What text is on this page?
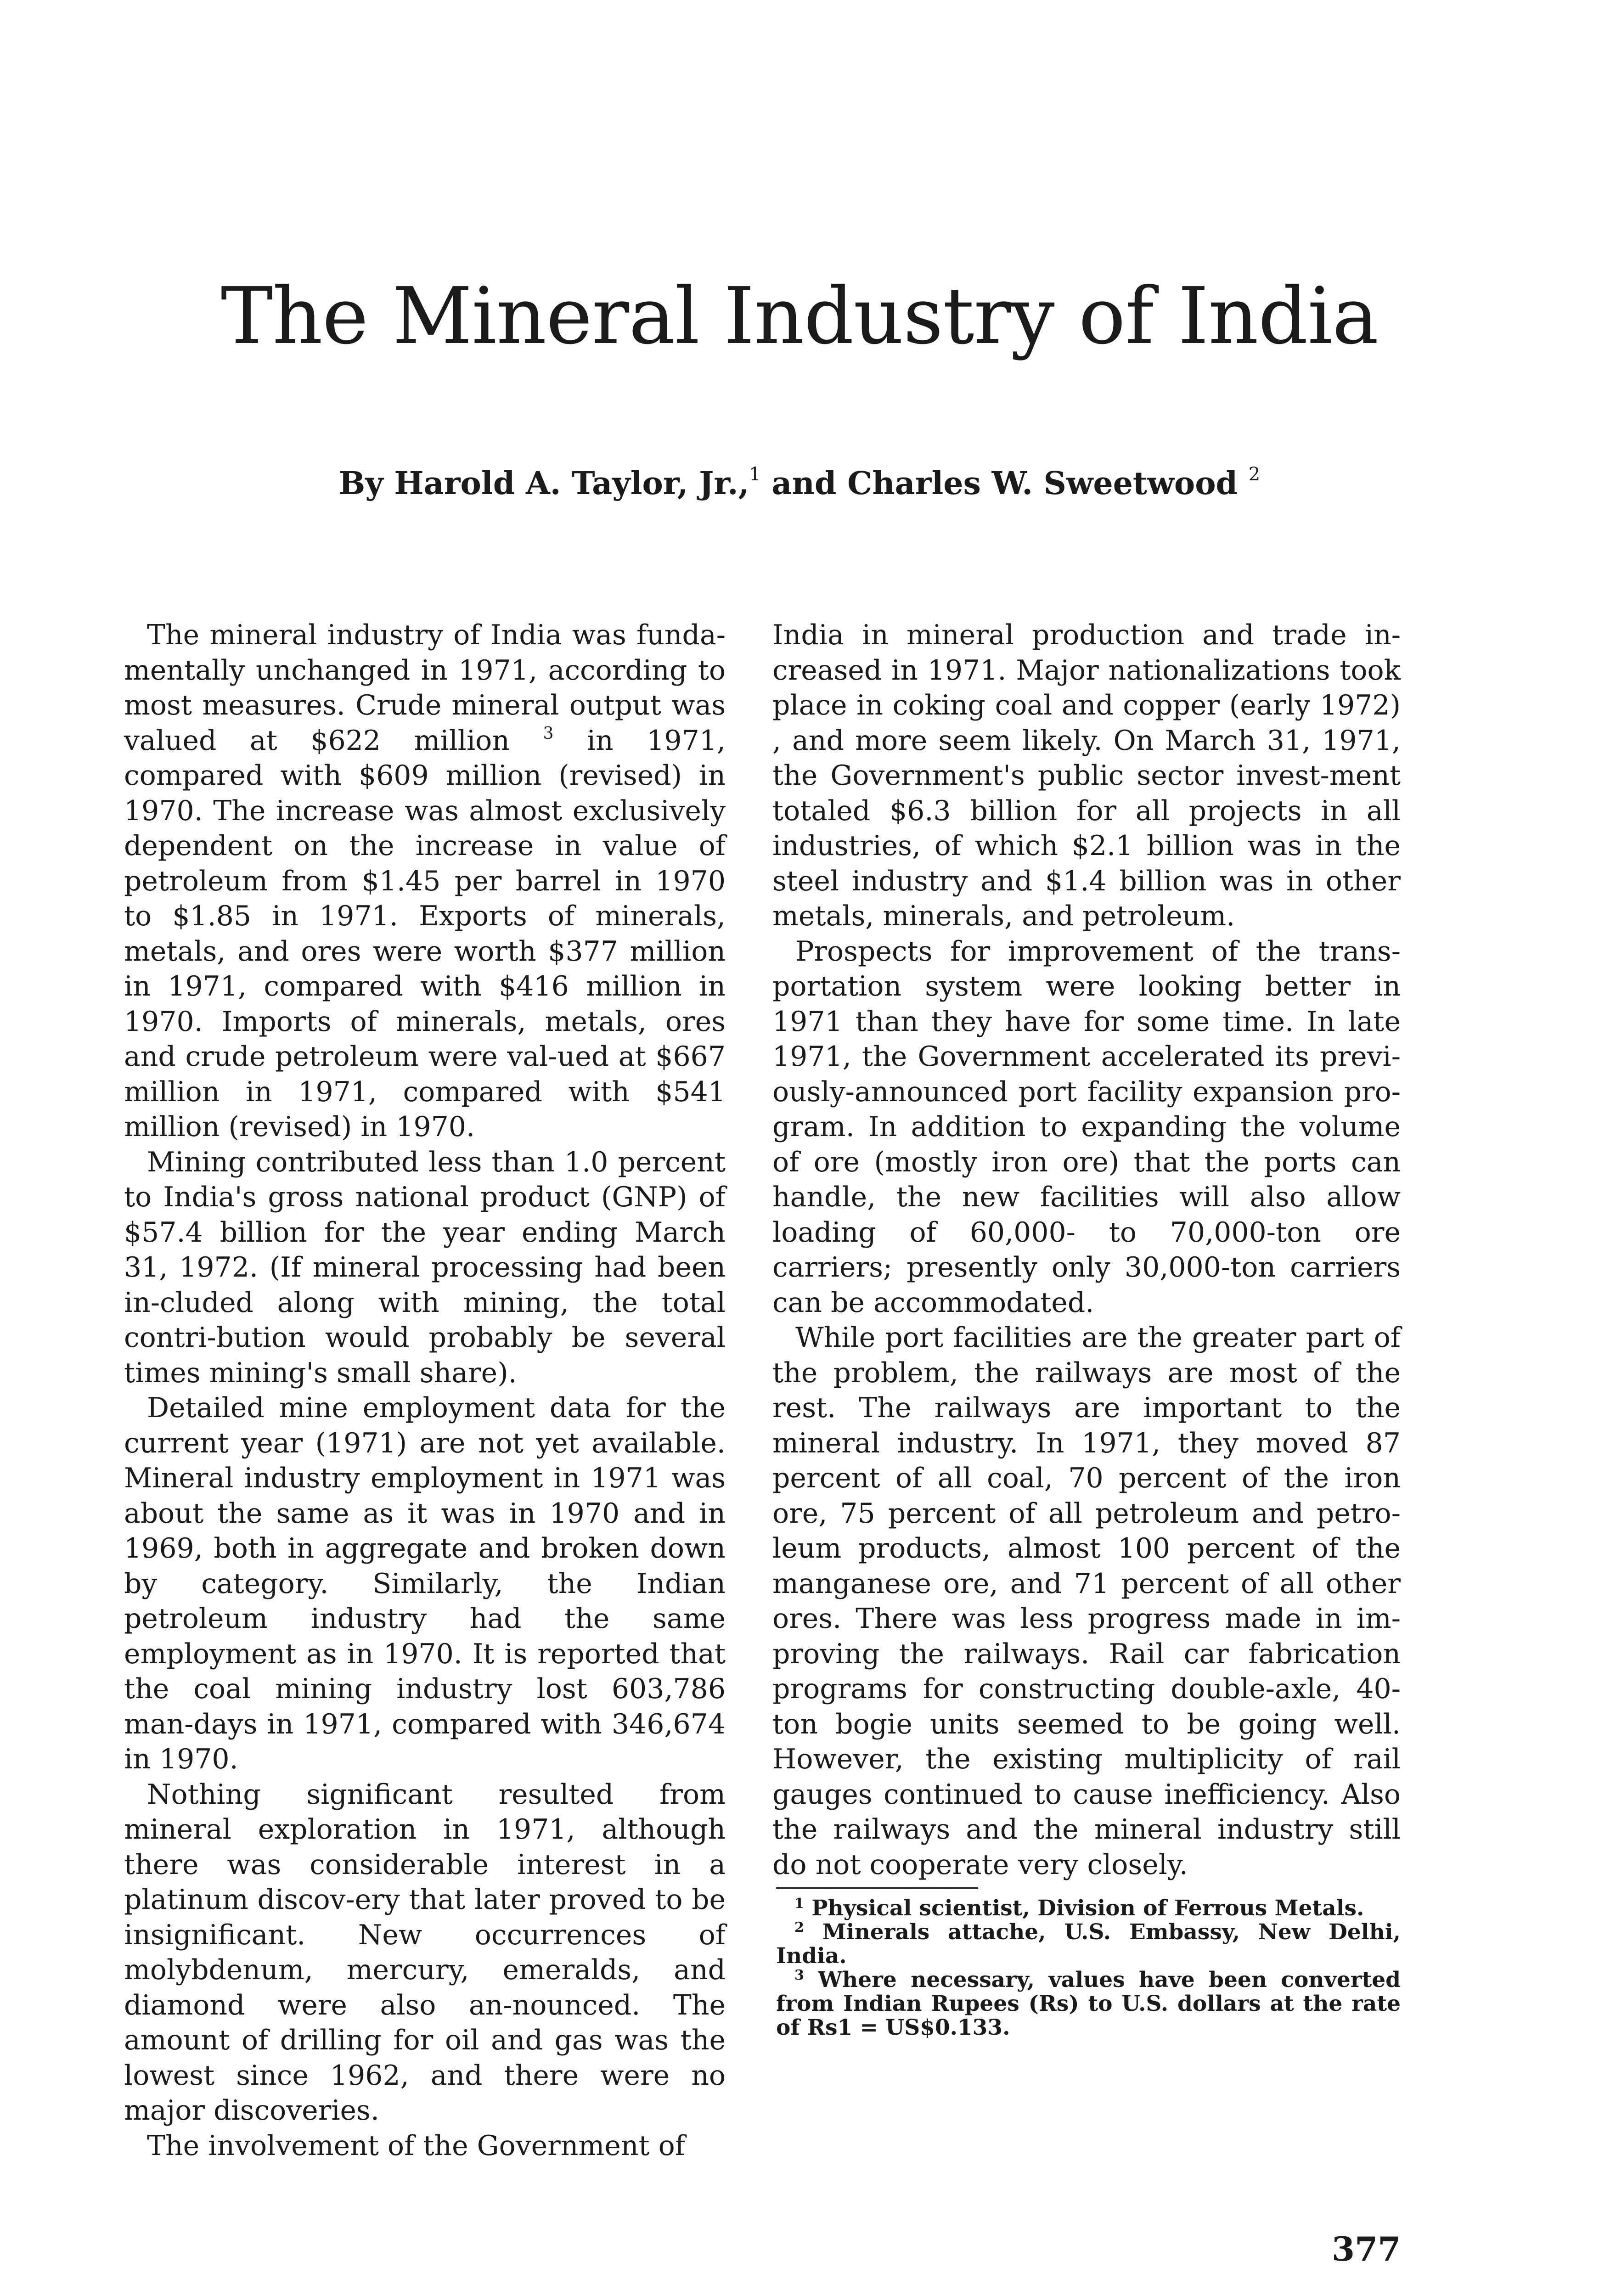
The Mineral Industry of India

By Harold A. Taylor, Jr.,$^1$ and Charles W. Sweetwood $^2$

The mineral industry of India was funda-mentally unchanged in 1971, according to most measures. Crude mineral output was valued at $622 million $^3$ in 1971, compared with $609 million (revised) in 1970. The increase was almost exclusively dependent on the increase in value of petroleum from $1.45 per barrel in 1970 to $1.85 in 1971. Exports of minerals, metals, and ores were worth $377 million in 1971, compared with $416 million in 1970. Imports of minerals, metals, ores and crude petroleum were val-ued at $667 million in 1971, compared with $541 million (revised) in 1970.

Mining contributed less than 1.0 percent to India's gross national product (GNP) of $57.4 billion for the year ending March 31, 1972. (If mineral processing had been in-cluded along with mining, the total contri-bution would probably be several times mining's small share).

Detailed mine employment data for the current year (1971) are not yet available. Mineral industry employment in 1971 was about the same as it was in 1970 and in 1969, both in aggregate and broken down by category. Similarly, the Indian petroleum industry had the same employment as in 1970. It is reported that the coal mining industry lost 603,786 man-days in 1971, compared with 346,674 in 1970.

Nothing significant resulted from mineral exploration in 1971, although there was considerable interest in a platinum discov-ery that later proved to be insignificant. New occurrences of molybdenum, mercury, emeralds, and diamond were also an-nounced. The amount of drilling for oil and gas was the lowest since 1962, and there were no major discoveries.

The involvement of the Government of

India in mineral production and trade in-creased in 1971. Major nationalizations took place in coking coal and copper (early 1972) , and more seem likely. On March 31, 1971, the Government's public sector invest-ment totaled $6.3 billion for all projects in all industries, of which $2.1 billion was in the steel industry and $1.4 billion was in other metals, minerals, and petroleum.

Prospects for improvement of the trans-portation system were looking better in 1971 than they have for some time. In late 1971, the Government accelerated its previ-ously-announced port facility expansion pro-gram. In addition to expanding the volume of ore (mostly iron ore) that the ports can handle, the new facilities will also allow loading of 60,000- to 70,000-ton ore carriers; presently only 30,000-ton carriers can be accommodated.

While port facilities are the greater part of the problem, the railways are most of the rest. The railways are important to the mineral industry. In 1971, they moved 87 percent of all coal, 70 percent of the iron ore, 75 percent of all petroleum and petro-leum products, almost 100 percent of the manganese ore, and 71 percent of all other ores. There was less progress made in im-proving the railways. Rail car fabrication programs for constructing double-axle, 40-ton bogie units seemed to be going well. However, the existing multiplicity of rail gauges continued to cause inefficiency. Also the railways and the mineral industry still do not cooperate very closely.

$^1$ Physical scientist, Division of Ferrous Metals.

$^2$ Minerals attache, U.S. Embassy, New Delhi, India.

$^3$ Where necessary, values have been converted from Indian Rupees (Rs) to U.S. dollars at the rate of Rs1 = US$0.133.

377
